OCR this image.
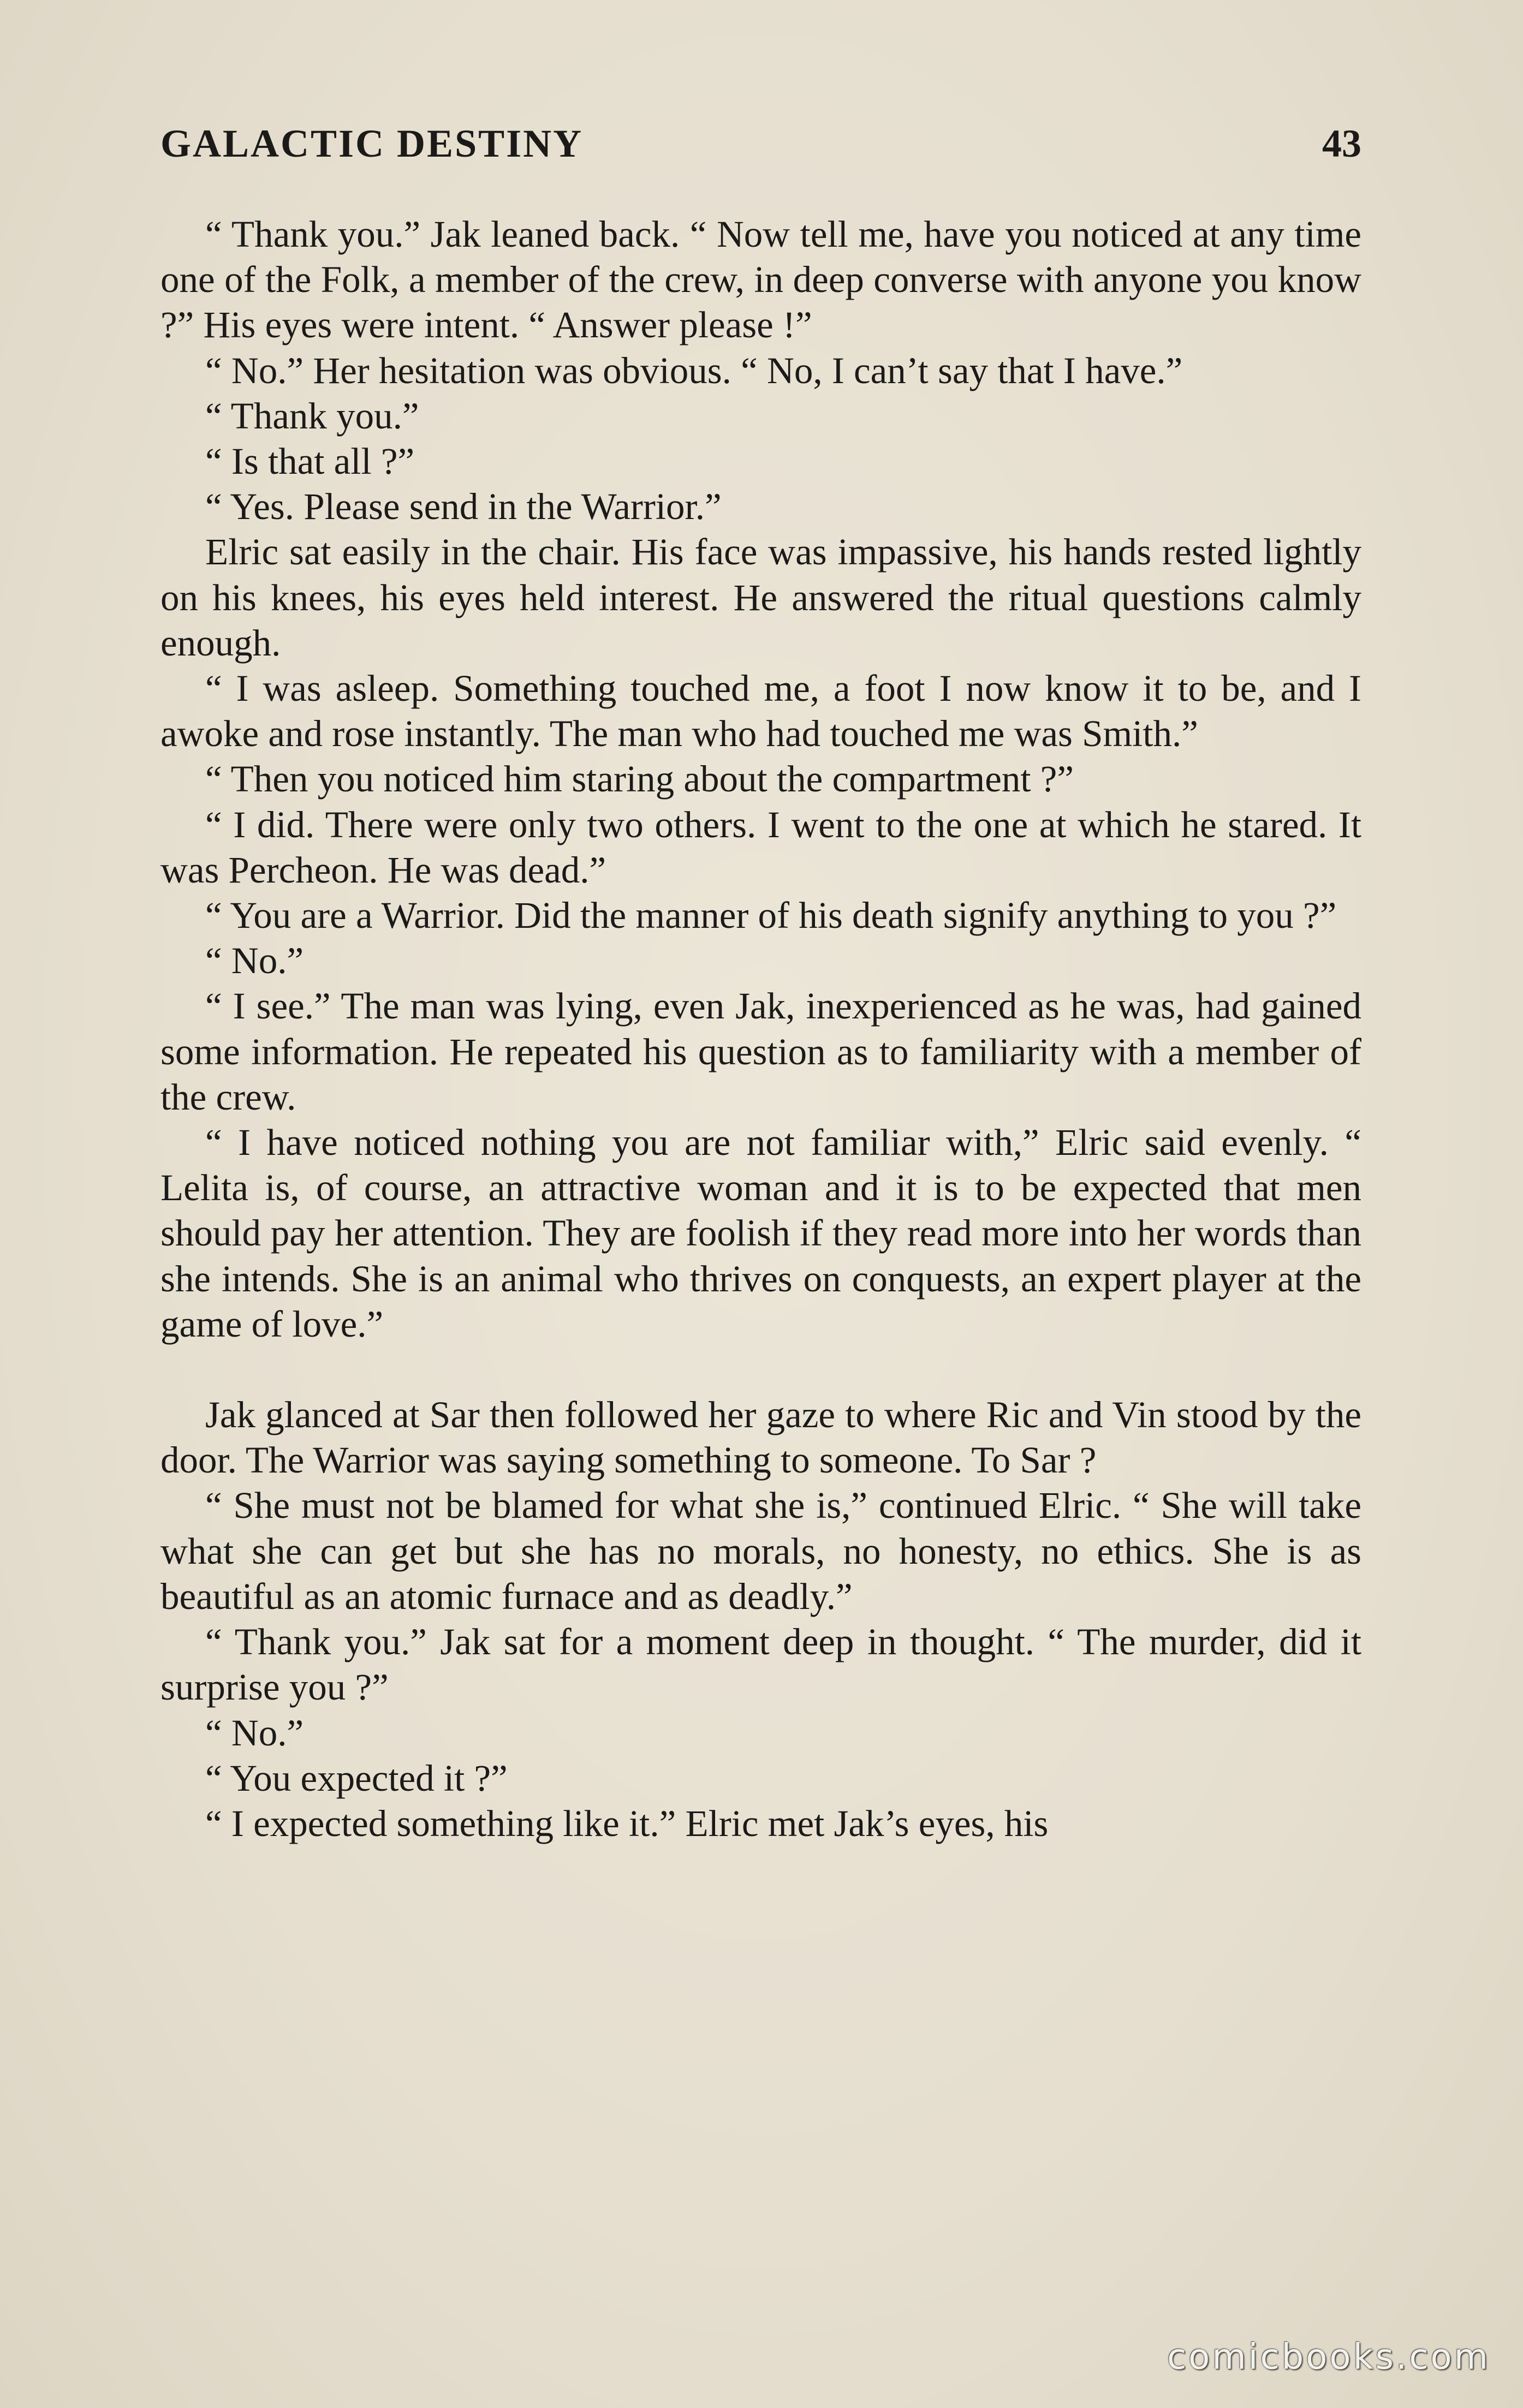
GALACTIC DESTINY	43

“ Thank you.” Jak leaned back. “ Now tell me, have you noticed at any time one of the Folk, a member of the crew, in deep converse with anyone you know ?” His eyes were intent. “ Answer please !”

“ No.” Her hesitation was obvious. “ No, I can’t say that I have.”

“ Thank you.”

“ Is that all ?”

“ Yes. Please send in the Warrior.”

Elric sat easily in the chair. His face was impassive, his hands rested lightly on his knees, his eyes held interest. He answered the ritual questions calmly enough.

“ I was asleep. Something touched me, a foot I now know it to be, and I awoke and rose instantly. The man who had touched me was Smith.”

“ Then you noticed him staring about the compartment ?”

“ I did. There were only two others. I went to the one at which he stared. It was Percheon. He was dead.”

“ You are a Warrior. Did the manner of his death signify anything to you ?”

“ No.”

“ I see.” The man was lying, even Jak, inexperienced as he was, had gained some information. He repeated his question as to familiarity with a member of the crew.

“ I have noticed nothing you are not familiar with,” Elric said evenly. “ Lelita is, of course, an attractive woman and it is to be expected that men should pay her attention. They are foolish if they read more into her words than she intends. She is an animal who thrives on conquests, an expert player at the game of love.”

Jak glanced at Sar then followed her gaze to where Ric and Vin stood by the door. The Warrior was saying something to someone. To Sar ?

“ She must not be blamed for what she is,” continued Elric. “ She will take what she can get but she has no morals, no honesty, no ethics. She is as beautiful as an atomic furnace and as deadly.”

“ Thank you.” Jak sat for a moment deep in thought. “ The murder, did it surprise you ?”

“ No.”

“ You expected it ?”

“ I expected something like it.” Elric met Jak’s eyes, his

comicbooks.com
